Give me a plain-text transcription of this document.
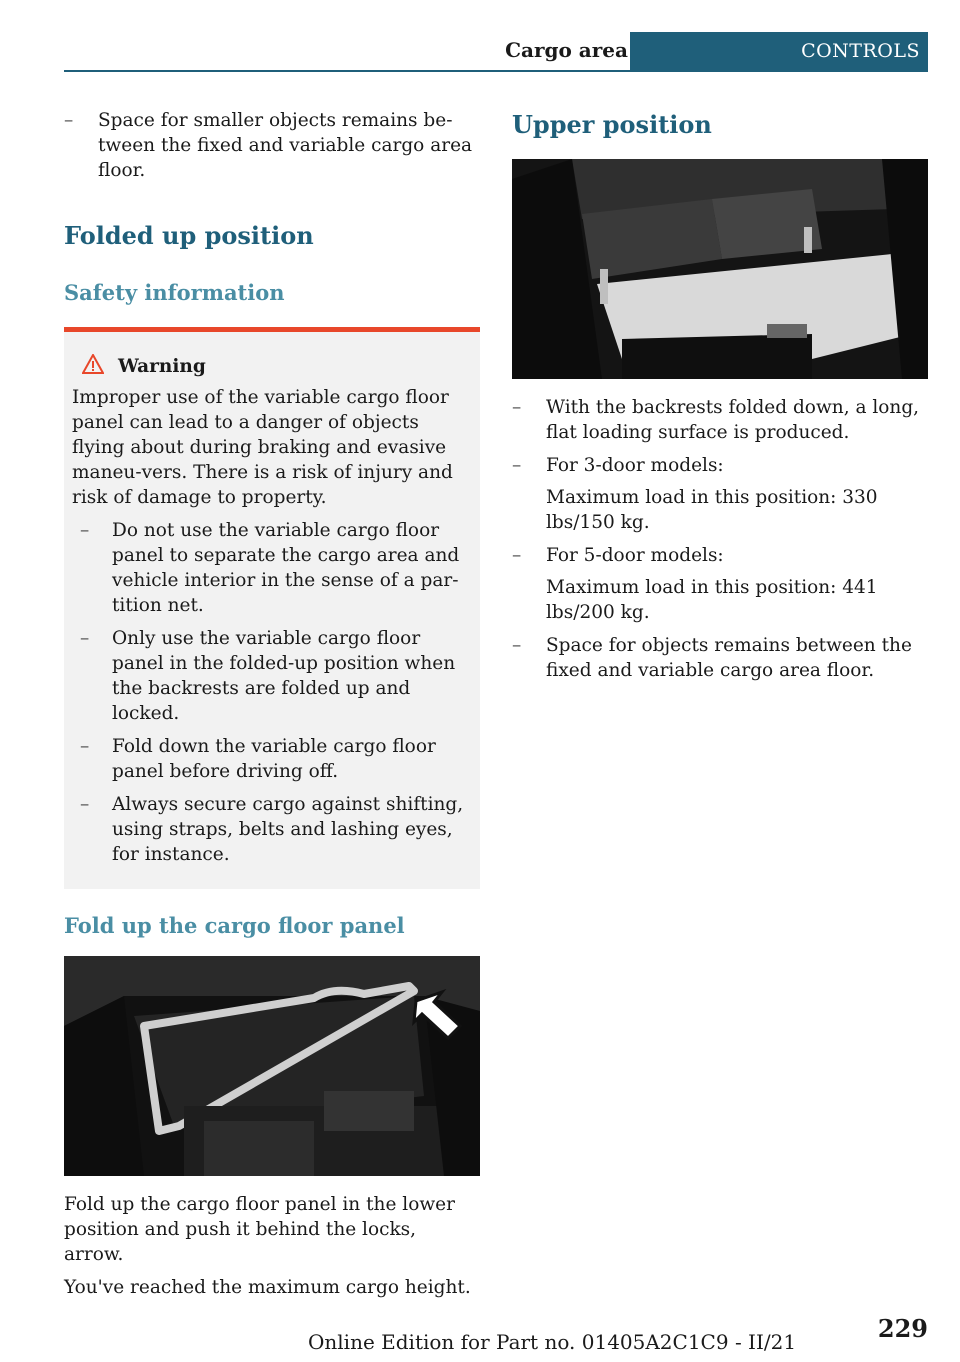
Cargo area	CONTROLS
– Space for smaller objects remains be-tween the fixed and variable cargo area floor.
Folded up position
Safety information
Warning

Improper use of the variable cargo floor panel can lead to a danger of objects flying about during braking and evasive maneu-vers. There is a risk of injury and risk of damage to property.

– Do not use the variable cargo floor panel to separate the cargo area and vehicle interior in the sense of a par-tition net.
– Only use the variable cargo floor panel in the folded-up position when the backrests are folded up and locked.
– Fold down the variable cargo floor panel before driving off.
– Always secure cargo against shifting, using straps, belts and lashing eyes, for instance.
Fold up the cargo floor panel

Fold up the cargo floor panel in the lower position and push it behind the locks, arrow.

You've reached the maximum cargo height.

Upper position
– With the backrests folded down, a long, flat loading surface is produced.
– For 3-door models:
Maximum load in this position: 330 lbs/150 kg.
– For 5-door models:
Maximum load in this position: 441 lbs/200 kg.
– Space for objects remains between the fixed and variable cargo area floor.
229
Online Edition for Part no. 01405A2C1C9 - II/21
